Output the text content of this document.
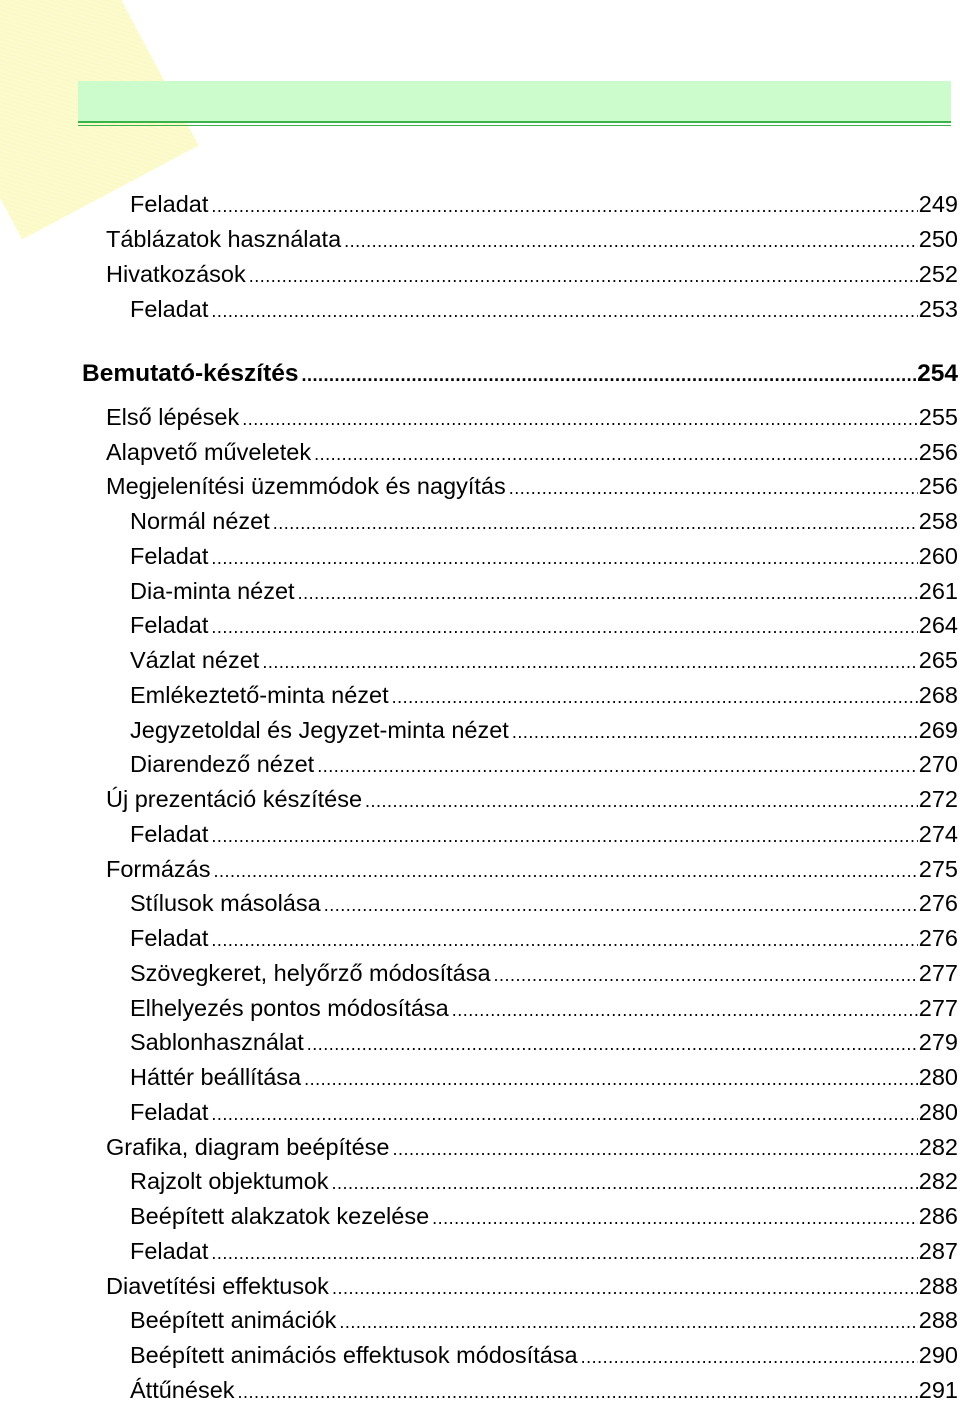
Feladat .....	249
Táblázatok használata .....	250
Hivatkozások .....	252
Feladat .....	253
Bemutató-készítés .....	254
Első lépések .....	255
Alapvető műveletek .....	256
Megjelenítési üzemmódok és nagyítás .....	256
Normál nézet .....	258
Feladat .....	260
Dia-minta nézet .....	261
Feladat .....	264
Vázlat nézet .....	265
Emlékeztető-minta nézet .....	268
Jegyzetoldal és Jegyzet-minta nézet .....	269
Diarendező nézet .....	270
Új prezentáció készítése .....	272
Feladat .....	274
Formázás .....	275
Stílusok másolása .....	276
Feladat .....	276
Szövegkeret, helyőrző módosítása .....	277
Elhelyezés pontos módosítása .....	277
Sablonhasználat .....	279
Háttér beállítása .....	280
Feladat .....	280
Grafika, diagram beépítése .....	282
Rajzolt objektumok .....	282
Beépített alakzatok kezelése .....	286
Feladat .....	287
Diavetítési effektusok .....	288
Beépített animációk .....	288
Beépített animációs effektusok módosítása .....	290
Áttűnések .....	291
